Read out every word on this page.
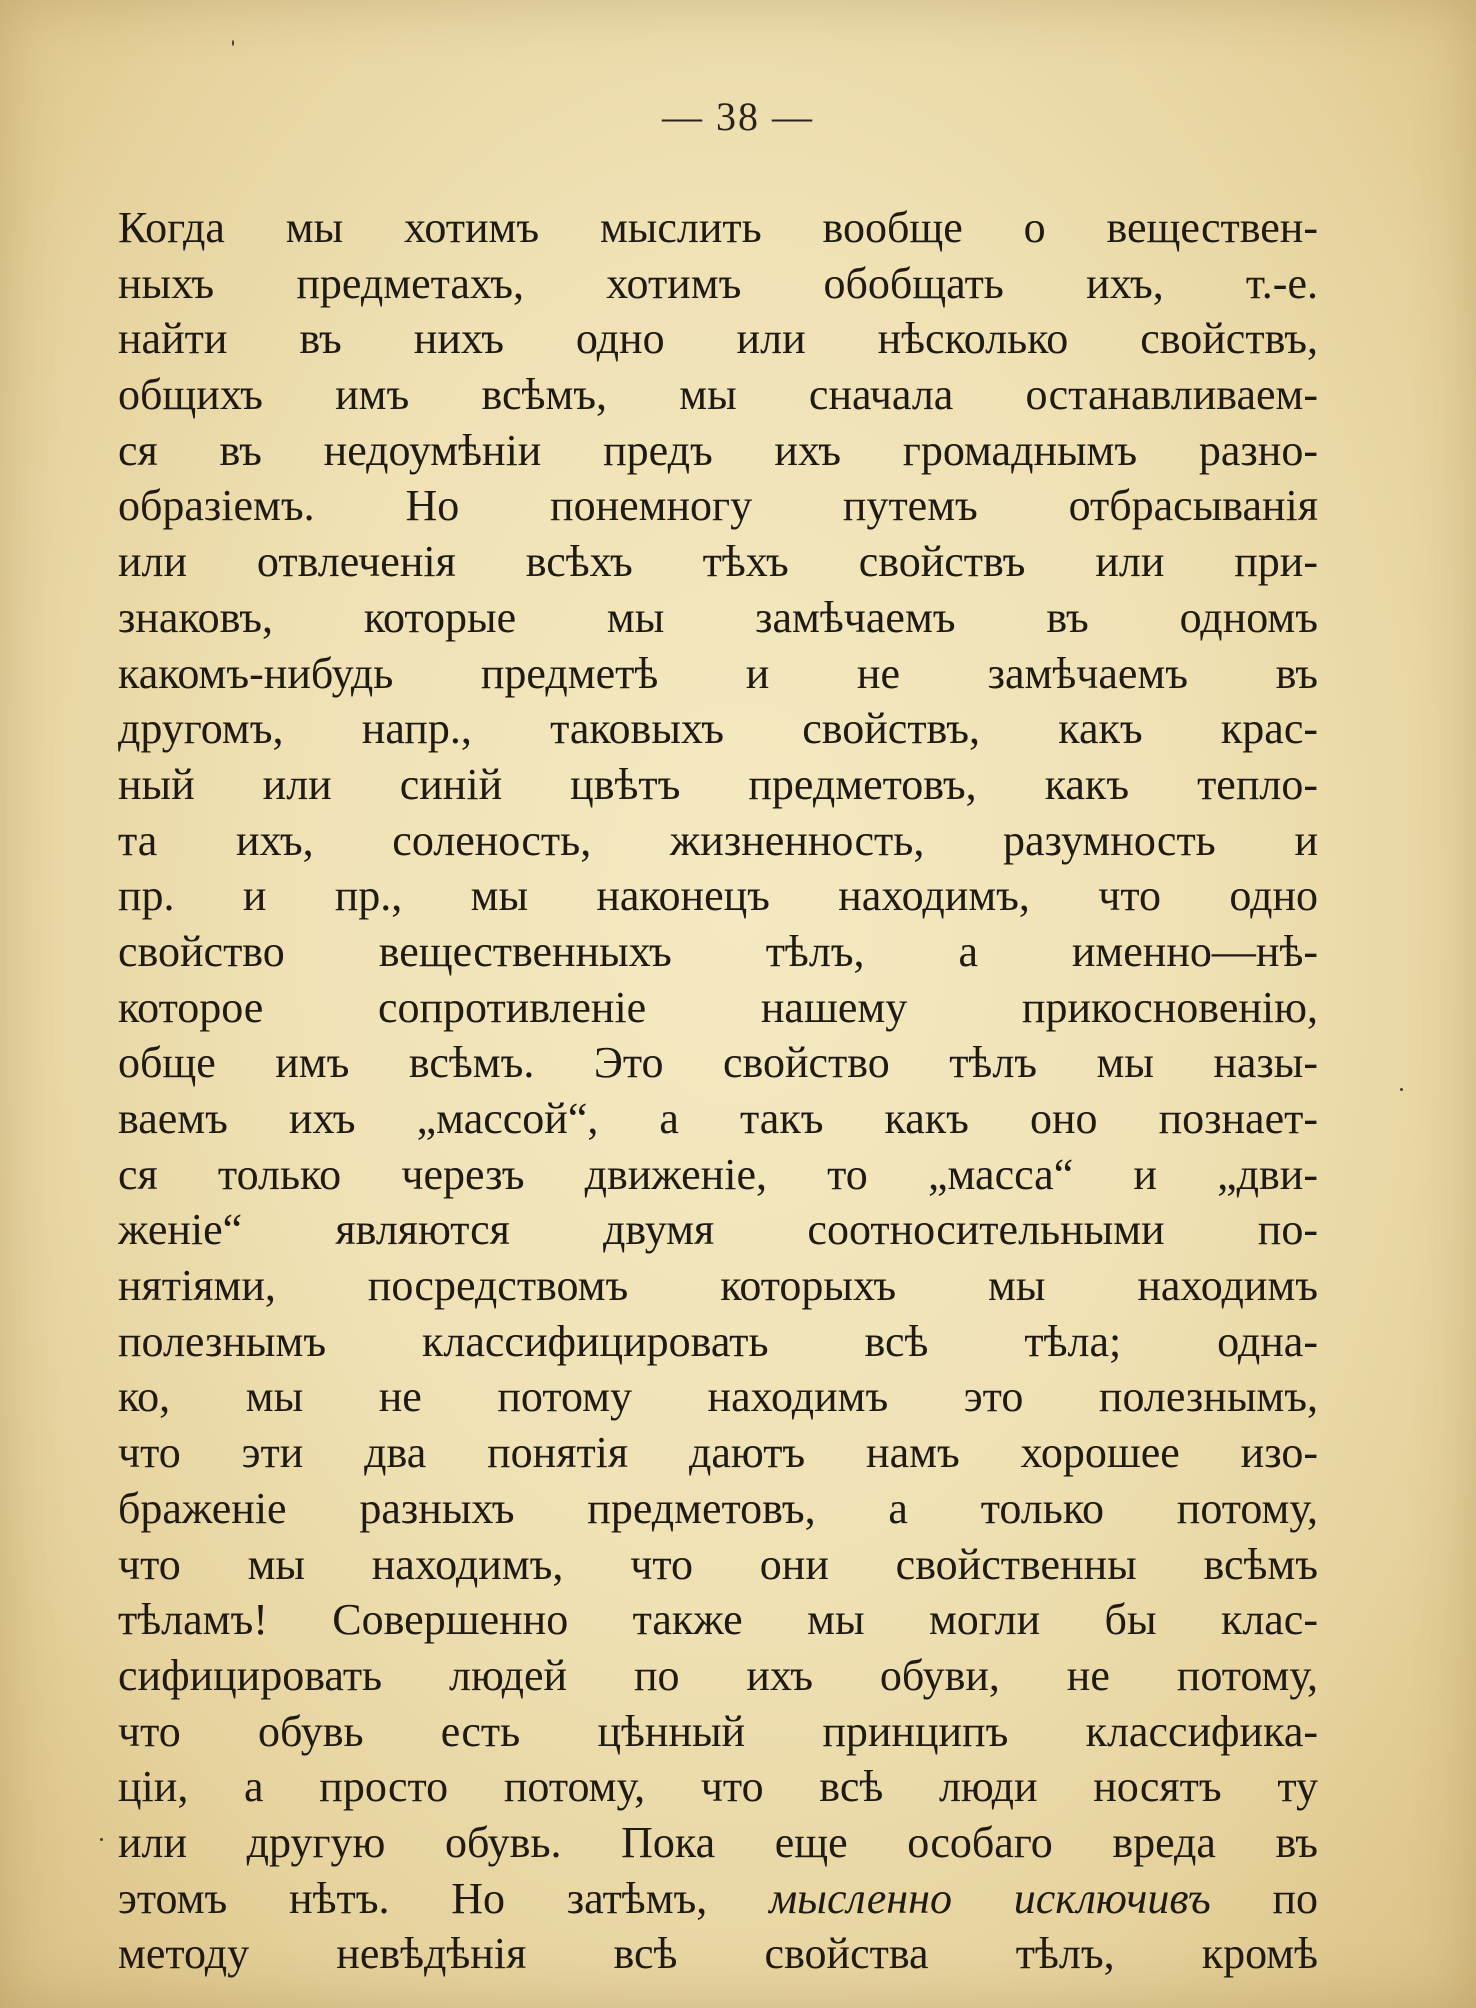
— 38 —
Когда мы хотимъ мыслить вообще о веществен-
ныхъ предметахъ, хотимъ обобщать ихъ, т.-е.
найти въ нихъ одно или нѣсколько свойствъ,
общихъ имъ всѣмъ, мы сначала останавливаем-
ся въ недоумѣніи предъ ихъ громаднымъ разно-
образіемъ. Но понемногу путемъ отбрасыванія
или отвлеченія всѣхъ тѣхъ свойствъ или при-
знаковъ, которые мы замѣчаемъ въ одномъ
какомъ-нибудь предметѣ и не замѣчаемъ въ
другомъ, напр., таковыхъ свойствъ, какъ крас-
ный или синій цвѣтъ предметовъ, какъ тепло-
та ихъ, соленость, жизненность, разумность и
пр. и пр., мы наконецъ находимъ, что одно
свойство вещественныхъ тѣлъ, а именно—нѣ-
которое сопротивленіе нашему прикосновенію,
обще имъ всѣмъ. Это свойство тѣлъ мы назы-
ваемъ ихъ „массой“, а такъ какъ оно познает-
ся только черезъ движеніе, то „масса“ и „дви-
женіе“ являются двумя соотносительными по-
нятіями, посредствомъ которыхъ мы находимъ
полезнымъ классифицировать всѣ тѣла; одна-
ко, мы не потому находимъ это полезнымъ,
что эти два понятія даютъ намъ хорошее изо-
браженіе разныхъ предметовъ, а только потому,
что мы находимъ, что они свойственны всѣмъ
тѣламъ! Совершенно также мы могли бы клас-
сифицировать людей по ихъ обуви, не потому,
что обувь есть цѣнный принципъ классифика-
ціи, а просто потому, что всѣ люди носятъ ту
или другую обувь. Пока еще особаго вреда въ
этомъ нѣтъ. Но затѣмъ, мысленно исключивъ по
методу невѣдѣнія всѣ свойства тѣлъ, кромѣ
